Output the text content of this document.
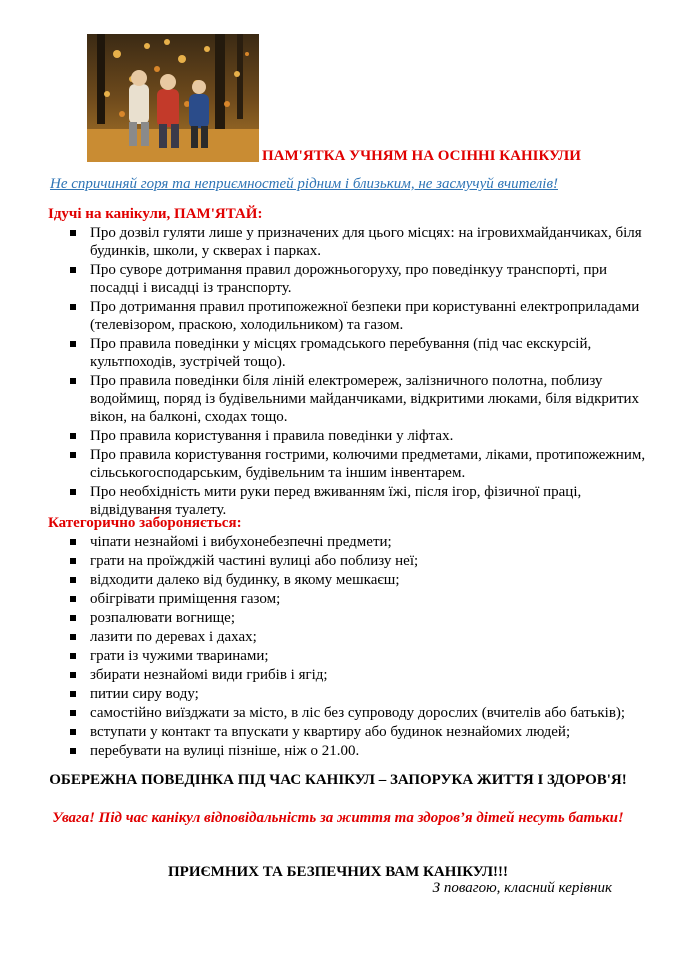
ПАМ'ЯТКА УЧНЯМ НА ОСІННІ КАНІКУЛИ
Не спричиняй горя та неприємностей рідним і близьким, не засмучуй вчителів!
Ідучі на канікули, ПАМ'ЯТАЙ:
Про дозвіл гуляти лише у призначених для цього місцях: на ігровихмайданчиках, біля будинків, школи, у скверах і парках.
Про суворе дотримання правил дорожньогоруху, про поведінкуу транспорті, при посадці і висадці із транспорту.
Про дотримання правил протипожежної безпеки при користуванні електроприладами (телевізором, праскою, холодильником) та газом.
Про правила поведінки у місцях громадського перебування (під час екскурсій, культпоходів, зустрічей тощо).
Про правила поведінки біля ліній електромереж, залізничного полотна, поблизу водоймищ, поряд із будівельними майданчиками, відкритими люками, біля відкритих вікон, на балконі, сходах тощо.
Про правила користування і правила поведінки у ліфтах.
Про правила користування гострими, колючими предметами, ліками, протипожежним, сільськогосподарським, будівельним та іншим інвентарем.
Про необхідність мити руки перед вживанням їжі, після ігор, фізичної праці, відвідування туалету.
Категорично забороняється:
чіпати незнайомі і вибухонебезпечні предмети;
грати на проїжджій частині вулиці або поблизу неї;
відходити далеко від будинку, в якому мешкаєш;
обігрівати приміщення газом;
розпалювати вогнище;
лазити по деревах і дахах;
грати із чужими тваринами;
збирати незнайомі види грибів і ягід;
питии сиру воду;
самостійно виїзджати за місто, в ліс без супроводу дорослих (вчителів або батьків);
вступати у контакт та впускати у квартиру або будинок незнайомих людей;
перебувати на вулиці пізніше, ніж о 21.00.
ОБЕРЕЖНА ПОВЕДІНКА ПІД ЧАС КАНІКУЛ – ЗАПОРУКА ЖИТТЯ І ЗДОРОВ'Я!
Увага! Під час канікул відповідальність за життя та здоров’я дітей несуть батьки!
ПРИЄМНИХ ТА БЕЗПЕЧНИХ ВАМ КАНІКУЛ!!!
З повагою, класний керівник
